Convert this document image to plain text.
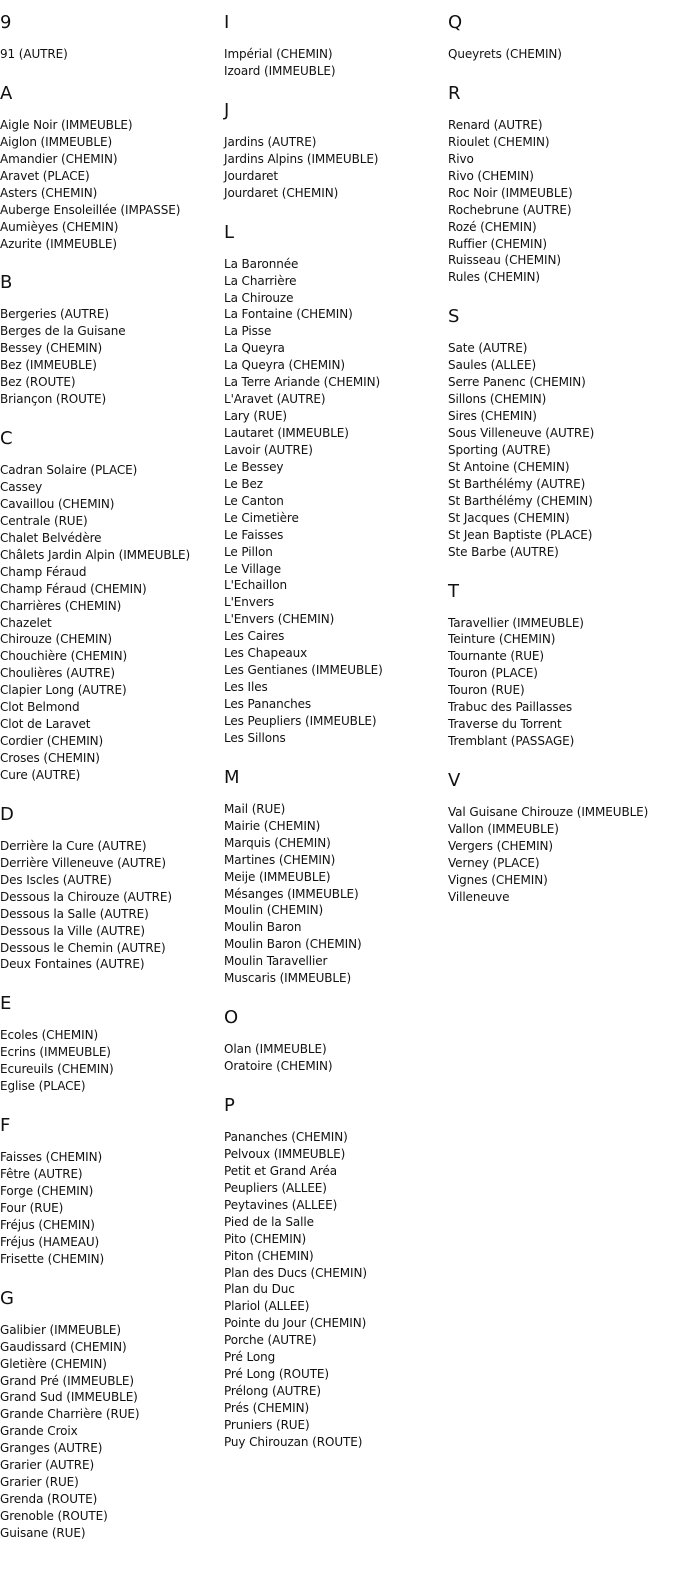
9
91 (AUTRE)
A
Aigle Noir (IMMEUBLE)
Aiglon (IMMEUBLE)
Amandier (CHEMIN)
Aravet (PLACE)
Asters (CHEMIN)
Auberge Ensoleillée (IMPASSE)
Aumièyes (CHEMIN)
Azurite (IMMEUBLE)
B
Bergeries (AUTRE)
Berges de la Guisane
Bessey (CHEMIN)
Bez (IMMEUBLE)
Bez (ROUTE)
Briançon (ROUTE)
C
Cadran Solaire (PLACE)
Cassey
Cavaillou (CHEMIN)
Centrale (RUE)
Chalet Belvédère
Châlets Jardin Alpin (IMMEUBLE)
Champ Féraud
Champ Féraud (CHEMIN)
Charrières (CHEMIN)
Chazelet
Chirouze (CHEMIN)
Chouchière (CHEMIN)
Choulières (AUTRE)
Clapier Long (AUTRE)
Clot Belmond
Clot de Laravet
Cordier (CHEMIN)
Croses (CHEMIN)
Cure (AUTRE)
D
Derrière la Cure (AUTRE)
Derrière Villeneuve (AUTRE)
Des Iscles (AUTRE)
Dessous la Chirouze (AUTRE)
Dessous la Salle (AUTRE)
Dessous la Ville (AUTRE)
Dessous le Chemin (AUTRE)
Deux Fontaines (AUTRE)
E
Ecoles (CHEMIN)
Ecrins (IMMEUBLE)
Ecureuils (CHEMIN)
Eglise (PLACE)
F
Faisses (CHEMIN)
Fêtre (AUTRE)
Forge (CHEMIN)
Four (RUE)
Fréjus (CHEMIN)
Fréjus (HAMEAU)
Frisette (CHEMIN)
G
Galibier (IMMEUBLE)
Gaudissard (CHEMIN)
Gletière (CHEMIN)
Grand Pré (IMMEUBLE)
Grand Sud (IMMEUBLE)
Grande Charrière (RUE)
Grande Croix
Granges (AUTRE)
Grarier (AUTRE)
Grarier (RUE)
Grenda (ROUTE)
Grenoble (ROUTE)
Guisane (RUE)
I
Impérial (CHEMIN)
Izoard (IMMEUBLE)
J
Jardins (AUTRE)
Jardins Alpins (IMMEUBLE)
Jourdaret
Jourdaret (CHEMIN)
L
La Baronnée
La Charrière
La Chirouze
La Fontaine (CHEMIN)
La Pisse
La Queyra
La Queyra (CHEMIN)
La Terre Ariande (CHEMIN)
L'Aravet (AUTRE)
Lary (RUE)
Lautaret (IMMEUBLE)
Lavoir (AUTRE)
Le Bessey
Le Bez
Le Canton
Le Cimetière
Le Faisses
Le Pillon
Le Village
L'Echaillon
L'Envers
L'Envers (CHEMIN)
Les Caires
Les Chapeaux
Les Gentianes (IMMEUBLE)
Les Iles
Les Pananches
Les Peupliers (IMMEUBLE)
Les Sillons
M
Mail (RUE)
Mairie (CHEMIN)
Marquis (CHEMIN)
Martines (CHEMIN)
Meije (IMMEUBLE)
Mésanges (IMMEUBLE)
Moulin (CHEMIN)
Moulin Baron
Moulin Baron (CHEMIN)
Moulin Taravellier
Muscaris (IMMEUBLE)
O
Olan (IMMEUBLE)
Oratoire (CHEMIN)
P
Pananches (CHEMIN)
Pelvoux (IMMEUBLE)
Petit et Grand Aréa
Peupliers (ALLEE)
Peytavines (ALLEE)
Pied de la Salle
Pito (CHEMIN)
Piton (CHEMIN)
Plan des Ducs (CHEMIN)
Plan du Duc
Plariol (ALLEE)
Pointe du Jour (CHEMIN)
Porche (AUTRE)
Pré Long
Pré Long (ROUTE)
Prélong (AUTRE)
Prés (CHEMIN)
Pruniers (RUE)
Puy Chirouzan (ROUTE)
Q
Queyrets (CHEMIN)
R
Renard (AUTRE)
Rioulet (CHEMIN)
Rivo
Rivo (CHEMIN)
Roc Noir (IMMEUBLE)
Rochebrune (AUTRE)
Rozé (CHEMIN)
Ruffier (CHEMIN)
Ruisseau (CHEMIN)
Rules (CHEMIN)
S
Sate (AUTRE)
Saules (ALLEE)
Serre Panenc (CHEMIN)
Sillons (CHEMIN)
Sires (CHEMIN)
Sous Villeneuve (AUTRE)
Sporting (AUTRE)
St Antoine (CHEMIN)
St Barthélémy (AUTRE)
St Barthélémy (CHEMIN)
St Jacques (CHEMIN)
St Jean Baptiste (PLACE)
Ste Barbe (AUTRE)
T
Taravellier (IMMEUBLE)
Teinture (CHEMIN)
Tournante (RUE)
Touron (PLACE)
Touron (RUE)
Trabuc des Paillasses
Traverse du Torrent
Tremblant (PASSAGE)
V
Val Guisane Chirouze (IMMEUBLE)
Vallon (IMMEUBLE)
Vergers (CHEMIN)
Verney (PLACE)
Vignes (CHEMIN)
Villeneuve
